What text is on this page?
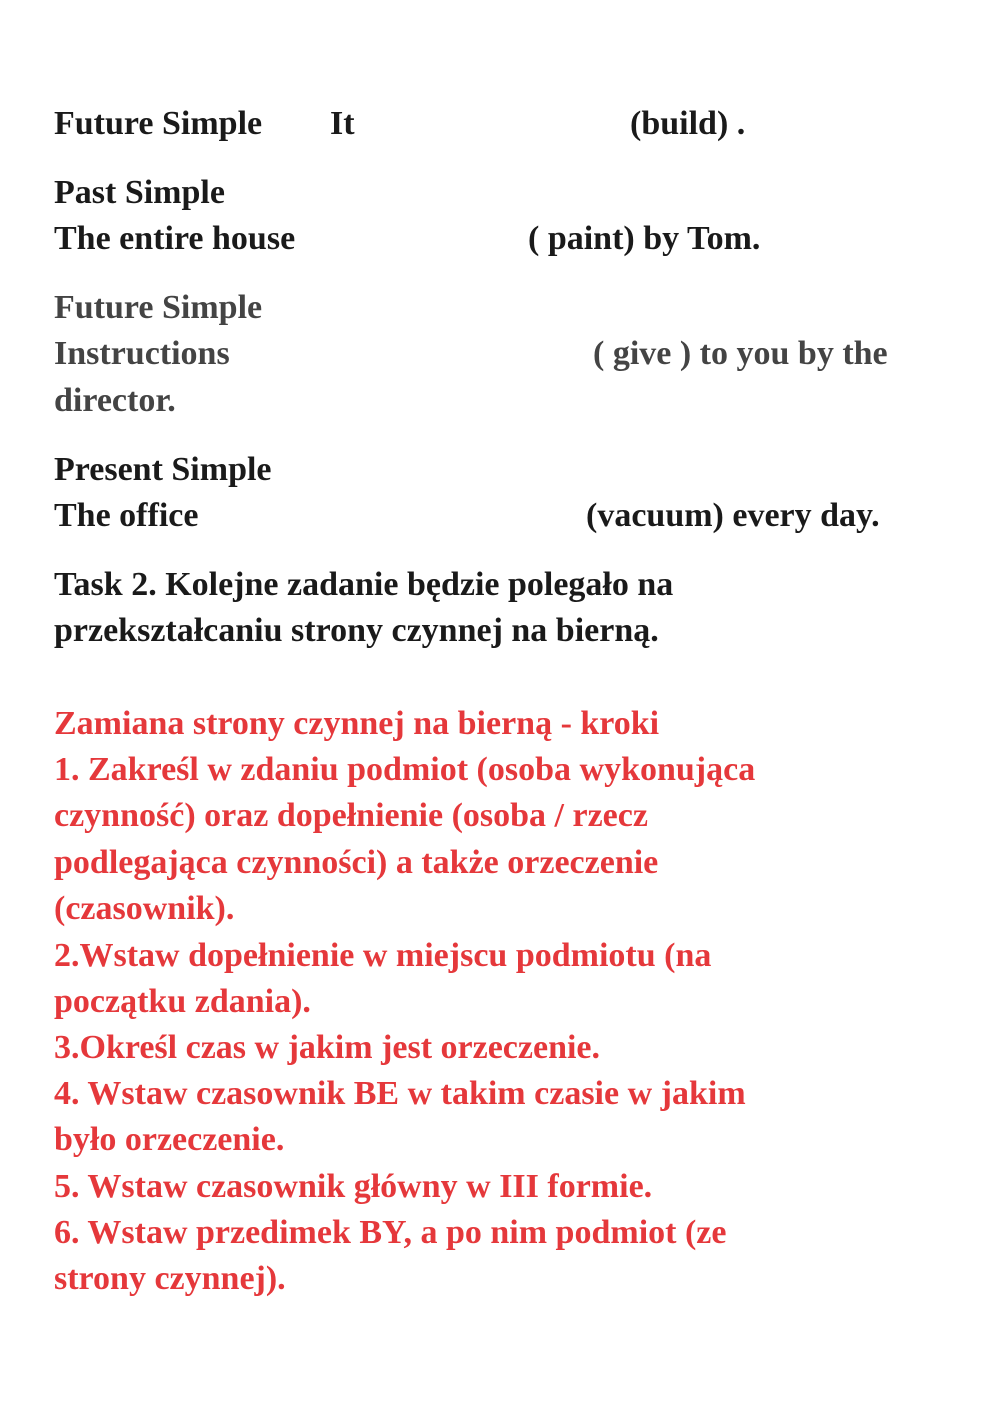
Future Simple It	(build) .
Past Simple
The entire house	( paint) by Tom.
Future Simple
Instructions	( give ) to you by the
director.
Present Simple
The office	(vacuum) every day.
Task 2. Kolejne zadanie będzie polegało na
przekształcaniu strony czynnej na bierną.
Zamiana strony czynnej na bierną - kroki
1. Zakreśl w zdaniu podmiot (osoba wykonująca
czynność) oraz dopełnienie (osoba / rzecz
podlegająca czynności) a także orzeczenie
(czasownik).
2.Wstaw dopełnienie w miejscu podmiotu (na
początku zdania).
3.Określ czas w jakim jest orzeczenie.
4. Wstaw czasownik BE w takim czasie w jakim
było orzeczenie.
5. Wstaw czasownik główny w III formie.
6. Wstaw przedimek BY, a po nim podmiot (ze
strony czynnej).
